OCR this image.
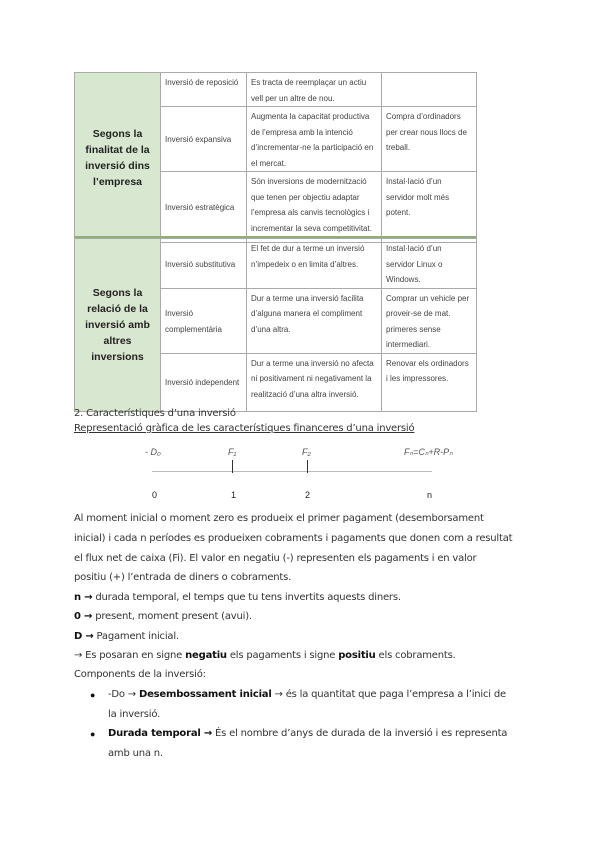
Segons la finalitat de la inversió dins l’empresa	Inversió de reposició	Es tracta de reemplaçar un actiu vell per un altre de nou.	
	Inversió expansiva	Augmenta la capacitat productiva de l’empresa amb la intenció d’incrementar-ne la participació en el mercat.	Compra d’ordinadors per crear nous llocs de treball.
	Inversió estratègica	Són inversions de modernització que tenen per objectiu adaptar l’empresa als canvis tecnològics i incrementar la seva competitivitat.	Instal·lació d’un servidor molt més potent.
Segons la relació de la inversió amb altres inversions	Inversió substitutiva	El fet de dur a terme un inversió n’impedeix o en limita d’altres.	Instal·lació d’un servidor Linux o Windows.
	Inversió complementària	Dur a terme una inversió facilita d’alguna manera el compliment d’una altra.	Comprar un vehicle per proveir-se de mat. primeres sense intermediari.
	Inversió independent	Dur a terme una inversió no afecta ni positivament ni negativament la realització d’una altra inversió.	Renovar els ordinadors i les impressores.
2. Característiques d’una inversió
Representació gràfica de les característiques financeres d’una inversió
- D₀	F₁	F₂	Fₙ=Cₙ+R-Pₙ
0	1	2	n
Al moment inicial o moment zero es produeix el primer pagament (desemborsament
inicial) i cada n períodes es produeixen cobraments i pagaments que donen com a resultat
el flux net de caixa (Fi). El valor en negatiu (-) representen els pagaments i en valor
positiu (+) l’entrada de diners o cobraments.
n → durada temporal, el temps que tu tens invertits aquests diners.
0 → present, moment present (avui).
D → Pagament inicial.
→ Es posaran en signe negatiu els pagaments i signe positiu els cobraments.
Components de la inversió:
● -Do → Desembossament inicial → és la quantitat que paga l’empresa a l’inici de
la inversió.
● Durada temporal → És el nombre d’anys de durada de la inversió i es representa
amb una n.
